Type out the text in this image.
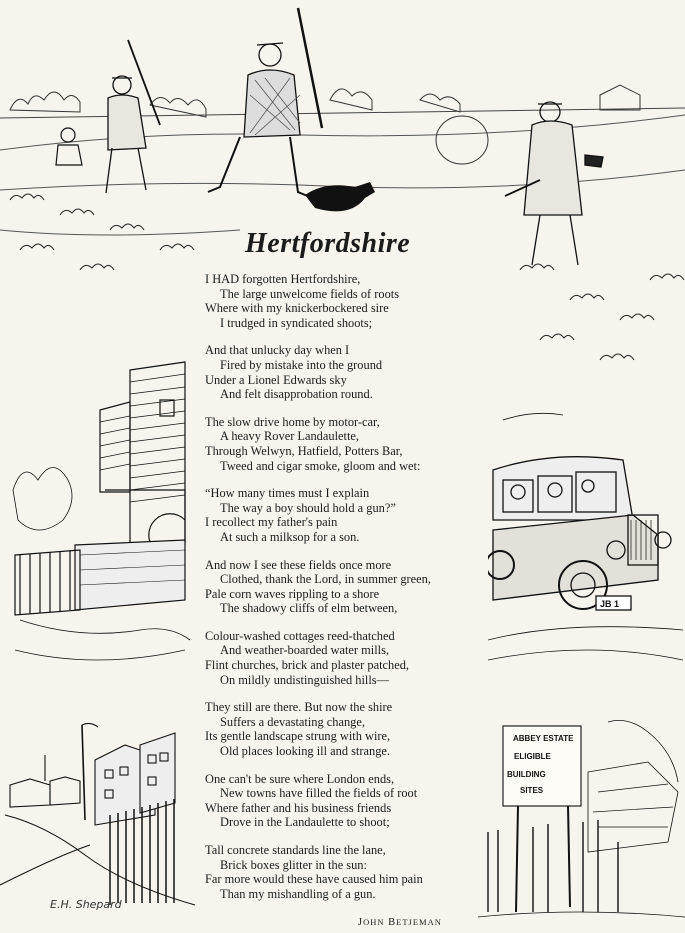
JB 1
E.H. Shepard
ABBEY ESTATE
ELIGIBLE
BUILDING
SITES
Hertfordshire
I HAD forgotten Hertfordshire,
The large unwelcome fields of roots
Where with my knickerbockered sire
I trudged in syndicated shoots;
And that unlucky day when I
Fired by mistake into the ground
Under a Lionel Edwards sky
And felt disapprobation round.
The slow drive home by motor-car,
A heavy Rover Landaulette,
Through Welwyn, Hatfield, Potters Bar,
Tweed and cigar smoke, gloom and wet:
“How many times must I explain
The way a boy should hold a gun?”
I recollect my father's pain
At such a milksop for a son.
And now I see these fields once more
Clothed, thank the Lord, in summer green,
Pale corn waves rippling to a shore
The shadowy cliffs of elm between,
Colour-washed cottages reed-thatched
And weather-boarded water mills,
Flint churches, brick and plaster patched,
On mildly undistinguished hills—
They still are there. But now the shire
Suffers a devastating change,
Its gentle landscape strung with wire,
Old places looking ill and strange.
One can't be sure where London ends,
New towns have filled the fields of root
Where father and his business friends
Drove in the Landaulette to shoot;
Tall concrete standards line the lane,
Brick boxes glitter in the sun:
Far more would these have caused him pain
Than my mishandling of a gun.
JOHN BETJEMAN
